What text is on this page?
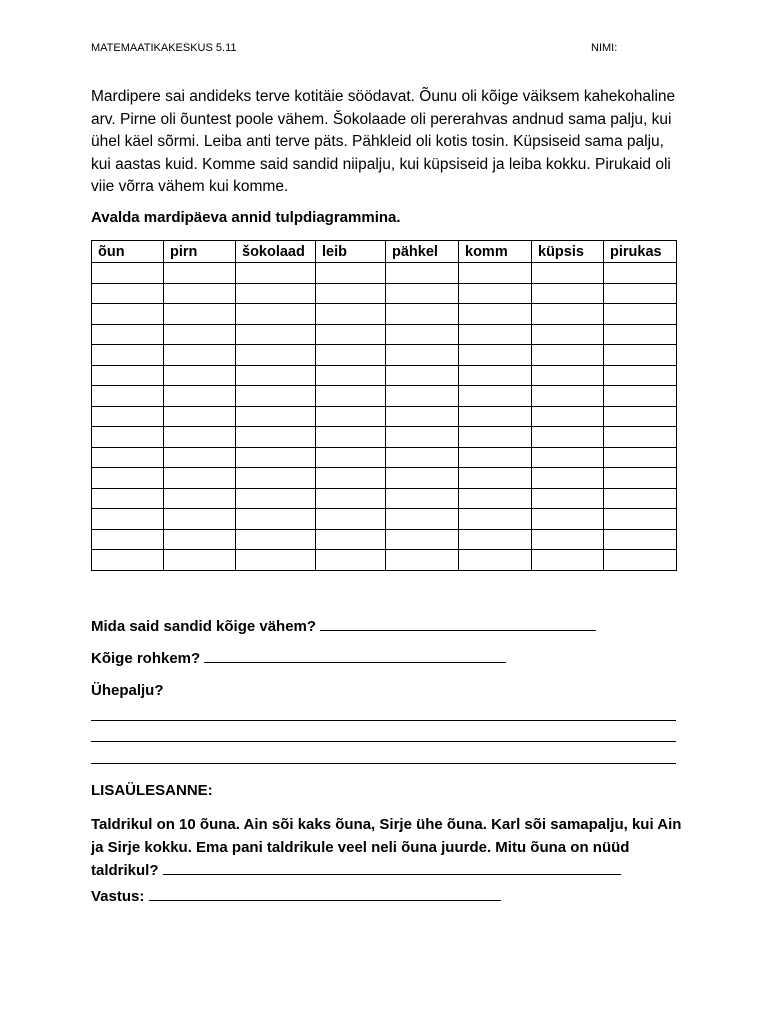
MATEMAATIKAKESKUS 5.11	NIMI:
Mardipere sai andideks terve kotitäie söödavat. Õunu oli kõige väiksem kahekohaline arv. Pirne oli õuntest poole vähem. Šokolaade oli pererahvas andnud sama palju, kui ühel käel sõrmi. Leiba anti terve päts. Pähkleid oli kotis tosin. Küpsiseid sama palju, kui aastas kuid. Komme said sandid niipalju, kui küpsiseid ja leiba kokku. Pirukaid oli viie võrra vähem kui komme.
Avalda mardipäeva annid tulpdiagrammina.
õun	pirn	šokolaad	leib	pähkel	komm	küpsis	pirukas

Mida said sandid kõige vähem?
Kõige rohkem?
Ühepalju?
LISAÜLESANNE:
Taldrikul on 10 õuna. Ain sõi kaks õuna, Sirje ühe õuna. Karl sõi samapalju, kui Ain ja Sirje kokku. Ema pani taldrikule veel neli õuna juurde. Mitu õuna on nüüd taldrikul?
Vastus:
